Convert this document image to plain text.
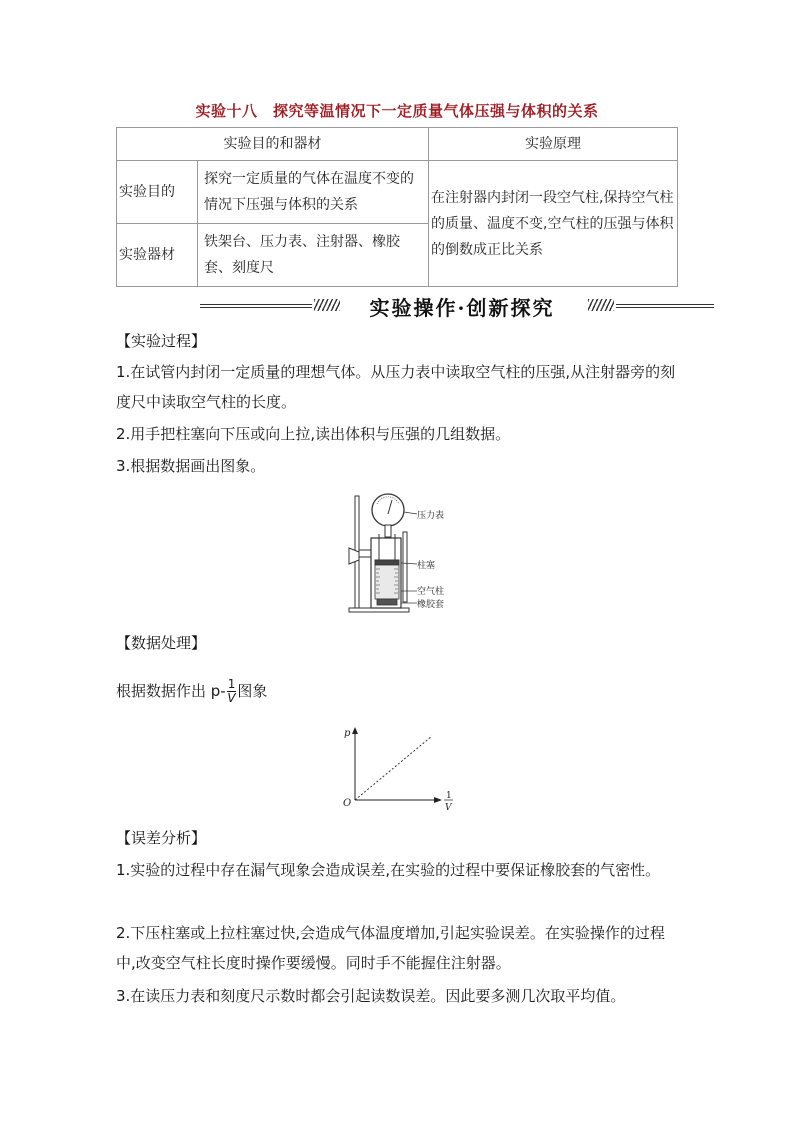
实验十八　探究等温情况下一定质量气体压强与体积的关系
实验目的和器材		实验原理
实验目的	探究一定质量的气体在温度不变的情况下压强与体积的关系	在注射器内封闭一段空气柱,保持空气柱的质量、温度不变,空气柱的压强与体积的倒数成正比关系
实验器材	铁架台、压力表、注射器、橡胶套、刻度尺	
实验操作·创新探究
【实验过程】
1.在试管内封闭一定质量的理想气体。从压力表中读取空气柱的压强,从注射器旁的刻度尺中读取空气柱的长度。
2.用手把柱塞向下压或向上拉,读出体积与压强的几组数据。
3.根据数据画出图象。
压力表
柱塞
空气柱
橡胶套
【数据处理】
根据数据作出 $p- \frac{1}{V}$ 图象
p
O
1
V
【误差分析】
1.实验的过程中存在漏气现象会造成误差,在实验的过程中要保证橡胶套的气密性。
2.下压柱塞或上拉柱塞过快,会造成气体温度增加,引起实验误差。在实验操作的过程中,改变空气柱长度时操作要缓慢。同时手不能握住注射器。
3.在读压力表和刻度尺示数时都会引起读数误差。因此要多测几次取平均值。
